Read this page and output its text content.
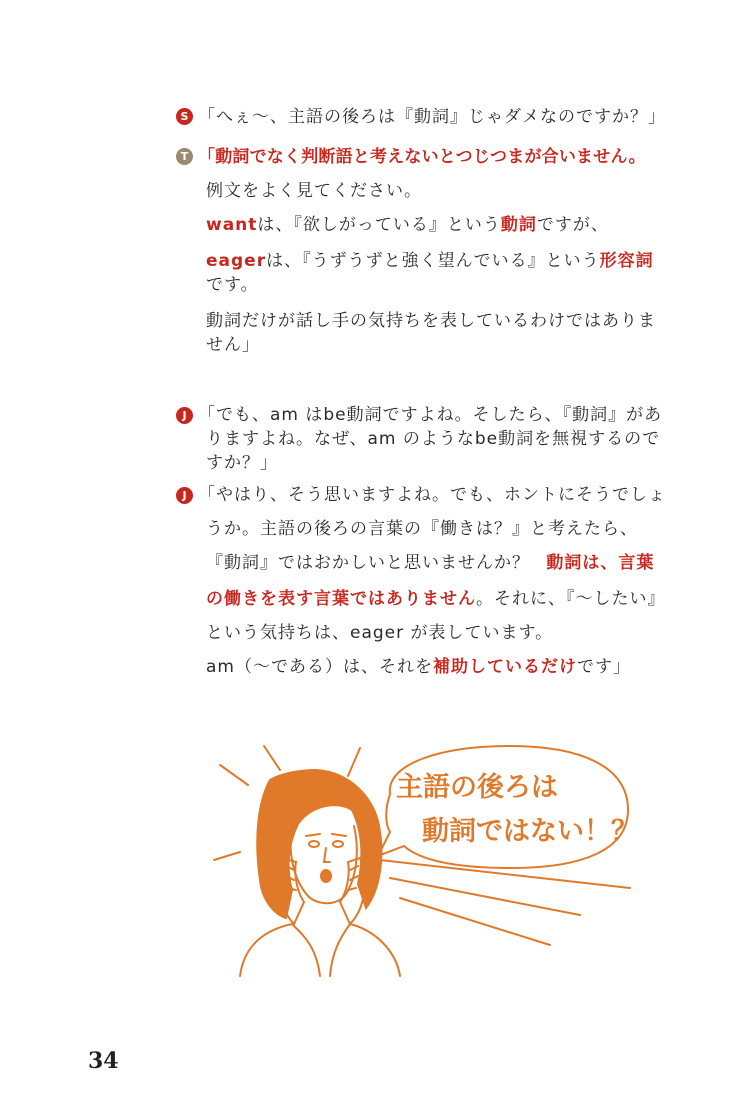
S 「へぇ〜、主語の後ろは『動詞』じゃダメなのですか？」
T 「動詞でなく判断語と考えないとつじつまが合いません。
例文をよく見てください。
wantは、『欲しがっている』という動詞ですが、
eagerは、『うずうずと強く望んでいる』という形容詞
です。
動詞だけが話し手の気持ちを表しているわけではありま
せん」
J 「でも、am はbe動詞ですよね。そしたら、『動詞』があ
りますよね。なぜ、am のようなbe動詞を無視するので
すか？」
J 「やはり、そう思いますよね。でも、ホントにそうでしょ
うか。主語の後ろの言葉の『働きは？』と考えたら、
『動詞』ではおかしいと思いませんか？ 動詞は、言葉
の働きを表す言葉ではありません。それに、『〜したい』
という気持ちは、eager が表しています。
am（〜である）は、それを補助しているだけです」
主語の後ろは
動詞ではない！？
34
